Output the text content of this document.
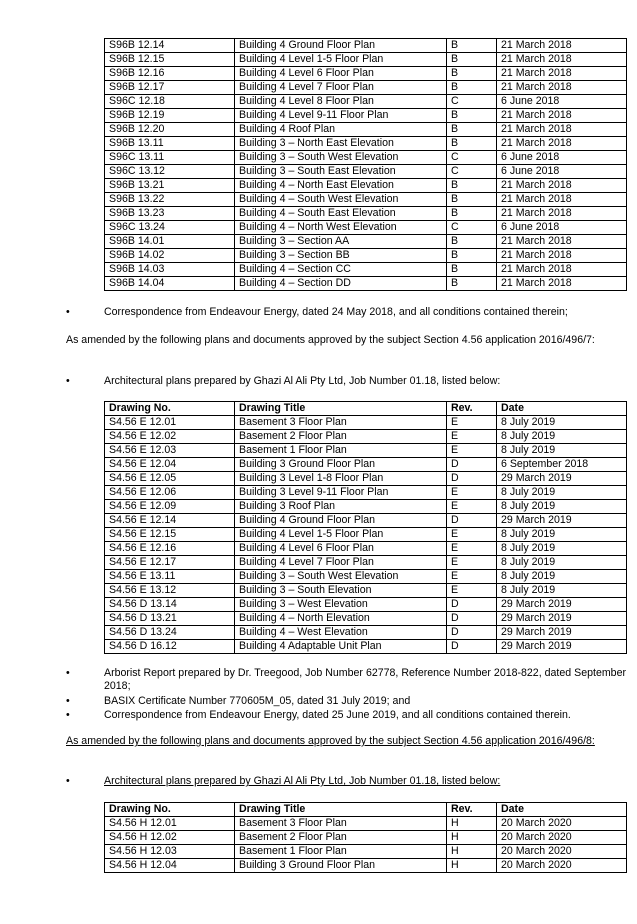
S96B 12.14	Building 4 Ground Floor Plan	B	21 March 2018
S96B 12.15	Building 4 Level 1-5 Floor Plan	B	21 March 2018
S96B 12.16	Building 4 Level 6 Floor Plan	B	21 March 2018
S96B 12.17	Building 4 Level 7 Floor Plan	B	21 March 2018
S96C 12.18	Building 4 Level 8 Floor Plan	C	6 June 2018
S96B 12.19	Building 4 Level 9-11 Floor Plan	B	21 March 2018
S96B 12.20	Building 4 Roof Plan	B	21 March 2018
S96B 13.11	Building 3 – North East Elevation	B	21 March 2018
S96C 13.11	Building 3 – South West Elevation	C	6 June 2018
S96C 13.12	Building 3 – South East Elevation	C	6 June 2018
S96B 13.21	Building 4 – North East Elevation	B	21 March 2018
S96B 13.22	Building 4 – South West Elevation	B	21 March 2018
S96B 13.23	Building 4 – South East Elevation	B	21 March 2018
S96C 13.24	Building 4 – North West Elevation	C	6 June 2018
S96B 14.01	Building 3 – Section AA	B	21 March 2018
S96B 14.02	Building 3 – Section BB	B	21 March 2018
S96B 14.03	Building 4 – Section CC	B	21 March 2018
S96B 14.04	Building 4 – Section DD	B	21 March 2018
•	Correspondence from Endeavour Energy, dated 24 May 2018, and all conditions contained therein;
As amended by the following plans and documents approved by the subject Section 4.56 application 2016/496/7:
•	Architectural plans prepared by Ghazi Al Ali Pty Ltd, Job Number 01.18, listed below:
Drawing No.	Drawing Title	Rev.	Date
S4.56 E 12.01	Basement 3 Floor Plan	E	8 July 2019
S4.56 E 12.02	Basement 2 Floor Plan	E	8 July 2019
S4.56 E 12.03	Basement 1 Floor Plan	E	8 July 2019
S4.56 E 12.04	Building 3 Ground Floor Plan	D	6 September 2018
S4.56 E 12.05	Building 3 Level 1-8 Floor Plan	D	29 March 2019
S4.56 E 12.06	Building 3 Level 9-11 Floor Plan	E	8 July 2019
S4.56 E 12.09	Building 3 Roof Plan	E	8 July 2019
S4.56 E 12.14	Building 4 Ground Floor Plan	D	29 March 2019
S4.56 E 12.15	Building 4 Level 1-5 Floor Plan	E	8 July 2019
S4.56 E 12.16	Building 4 Level 6 Floor Plan	E	8 July 2019
S4.56 E 12.17	Building 4 Level 7 Floor Plan	E	8 July 2019
S4.56 E 13.11	Building 3 – South West Elevation	E	8 July 2019
S4.56 E 13.12	Building 3 – South Elevation	E	8 July 2019
S4.56 D 13.14	Building 3 – West Elevation	D	29 March 2019
S4.56 D 13.21	Building 4 – North Elevation	D	29 March 2019
S4.56 D 13.24	Building 4 – West Elevation	D	29 March 2019
S4.56 D 16.12	Building 4 Adaptable Unit Plan	D	29 March 2019
•	Arborist Report prepared by Dr. Treegood, Job Number 62778, Reference Number 2018-822, dated September 2018;
•	BASIX Certificate Number 770605M_05, dated 31 July 2019; and
•	Correspondence from Endeavour Energy, dated 25 June 2019, and all conditions contained therein.
As amended by the following plans and documents approved by the subject Section 4.56 application 2016/496/8:
•	Architectural plans prepared by Ghazi Al Ali Pty Ltd, Job Number 01.18, listed below:
Drawing No.	Drawing Title	Rev.	Date
S4.56 H 12.01	Basement 3 Floor Plan	H	20 March 2020
S4.56 H 12.02	Basement 2 Floor Plan	H	20 March 2020
S4.56 H 12.03	Basement 1 Floor Plan	H	20 March 2020
S4.56 H 12.04	Building 3 Ground Floor Plan	H	20 March 2020
